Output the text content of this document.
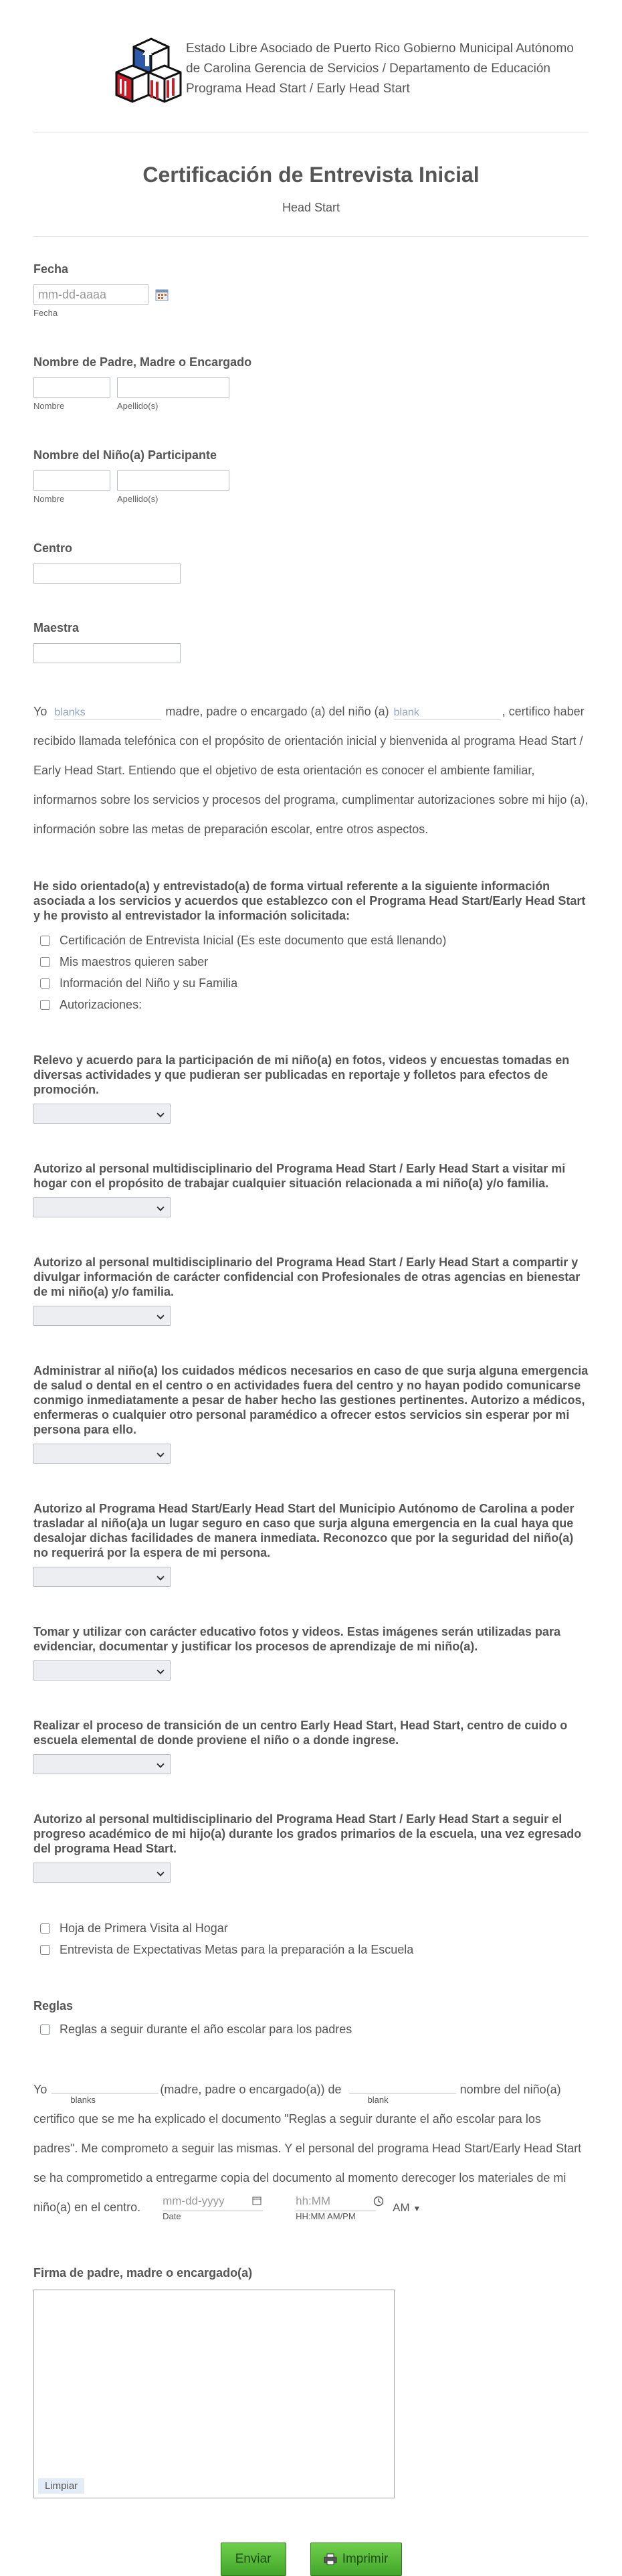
Estado Libre Asociado de Puerto Rico Gobierno Municipal Autónomo de Carolina Gerencia de Servicios / Departamento de Educación Programa Head Start / Early Head Start
Certificación de Entrevista Inicial
Head Start
Fecha
mm-dd-aaaa
Fecha
Nombre de Padre, Madre o Encargado
Nombre	Apellido(s)
Nombre del Niño(a) Participante
Nombre	Apellido(s)
Centro
Maestra
Yo blanks	madre, padre o encargado (a) del niño (a) blank	, certifico haber recibido llamada telefónica con el propósito de orientación inicial y bienvenida al programa Head Start / Early Head Start. Entiendo que el objetivo de esta orientación es conocer el ambiente familiar, informarnos sobre los servicios y procesos del programa, cumplimentar autorizaciones sobre mi hijo (a), información sobre las metas de preparación escolar, entre otros aspectos.
He sido orientado(a) y entrevistado(a) de forma virtual referente a la siguiente información asociada a los servicios y acuerdos que establezco con el Programa Head Start/Early Head Start y he provisto al entrevistador la información solicitada:
Certificación de Entrevista Inicial (Es este documento que está llenando)
Mis maestros quieren saber
Información del Niño y su Familia
Autorizaciones:
Relevo y acuerdo para la participación de mi niño(a) en fotos, videos y encuestas tomadas en diversas actividades y que pudieran ser publicadas en reportaje y folletos para efectos de promoción.
Autorizo al personal multidisciplinario del Programa Head Start / Early Head Start a visitar mi hogar con el propósito de trabajar cualquier situación relacionada a mi niño(a) y/o familia.
Autorizo al personal multidisciplinario del Programa Head Start / Early Head Start a compartir y divulgar información de carácter confidencial con Profesionales de otras agencias en bienestar de mi niño(a) y/o familia.
Administrar al niño(a) los cuidados médicos necesarios en caso de que surja alguna emergencia de salud o dental en el centro o en actividades fuera del centro y no hayan podido comunicarse conmigo inmediatamente a pesar de haber hecho las gestiones pertinentes. Autorizo a médicos, enfermeras o cualquier otro personal paramédico a ofrecer estos servicios sin esperar por mi persona para ello.
Autorizo al Programa Head Start/Early Head Start del Municipio Autónomo de Carolina a poder trasladar al niño(a)a un lugar seguro en caso que surja alguna emergencia en la cual haya que desalojar dichas facilidades de manera inmediata. Reconozco que por la seguridad del niño(a) no requerirá por la espera de mi persona.
Tomar y utilizar con carácter educativo fotos y videos. Estas imágenes serán utilizadas para evidenciar, documentar y justificar los procesos de aprendizaje de mi niño(a).
Realizar el proceso de transición de un centro Early Head Start, Head Start, centro de cuido o escuela elemental de donde proviene el niño o a donde ingrese.
Autorizo al personal multidisciplinario del Programa Head Start / Early Head Start a seguir el progreso académico de mi hijo(a) durante los grados primarios de la escuela, una vez egresado del programa Head Start.
Hoja de Primera Visita al Hogar
Entrevista de Expectativas Metas para la preparación a la Escuela
Reglas
Reglas a seguir durante el año escolar para los padres
Yo
blanks
(madre, padre o encargado(a)) de
blank
nombre del niño(a) certifico que se me ha explicado el documento "Reglas a seguir durante el año escolar para los padres". Me comprometo a seguir las mismas. Y el personal del programa Head Start/Early Head Start se ha comprometido a entregarme copia del documento al momento derecoger los materiales de mi niño(a) en el centro. mm-dd-yyyy
Date

hh:MM
HH:MM AM/PM
AM ▼
Firma de padre, madre o encargado(a)
Limpiar
Enviar	Imprimir
